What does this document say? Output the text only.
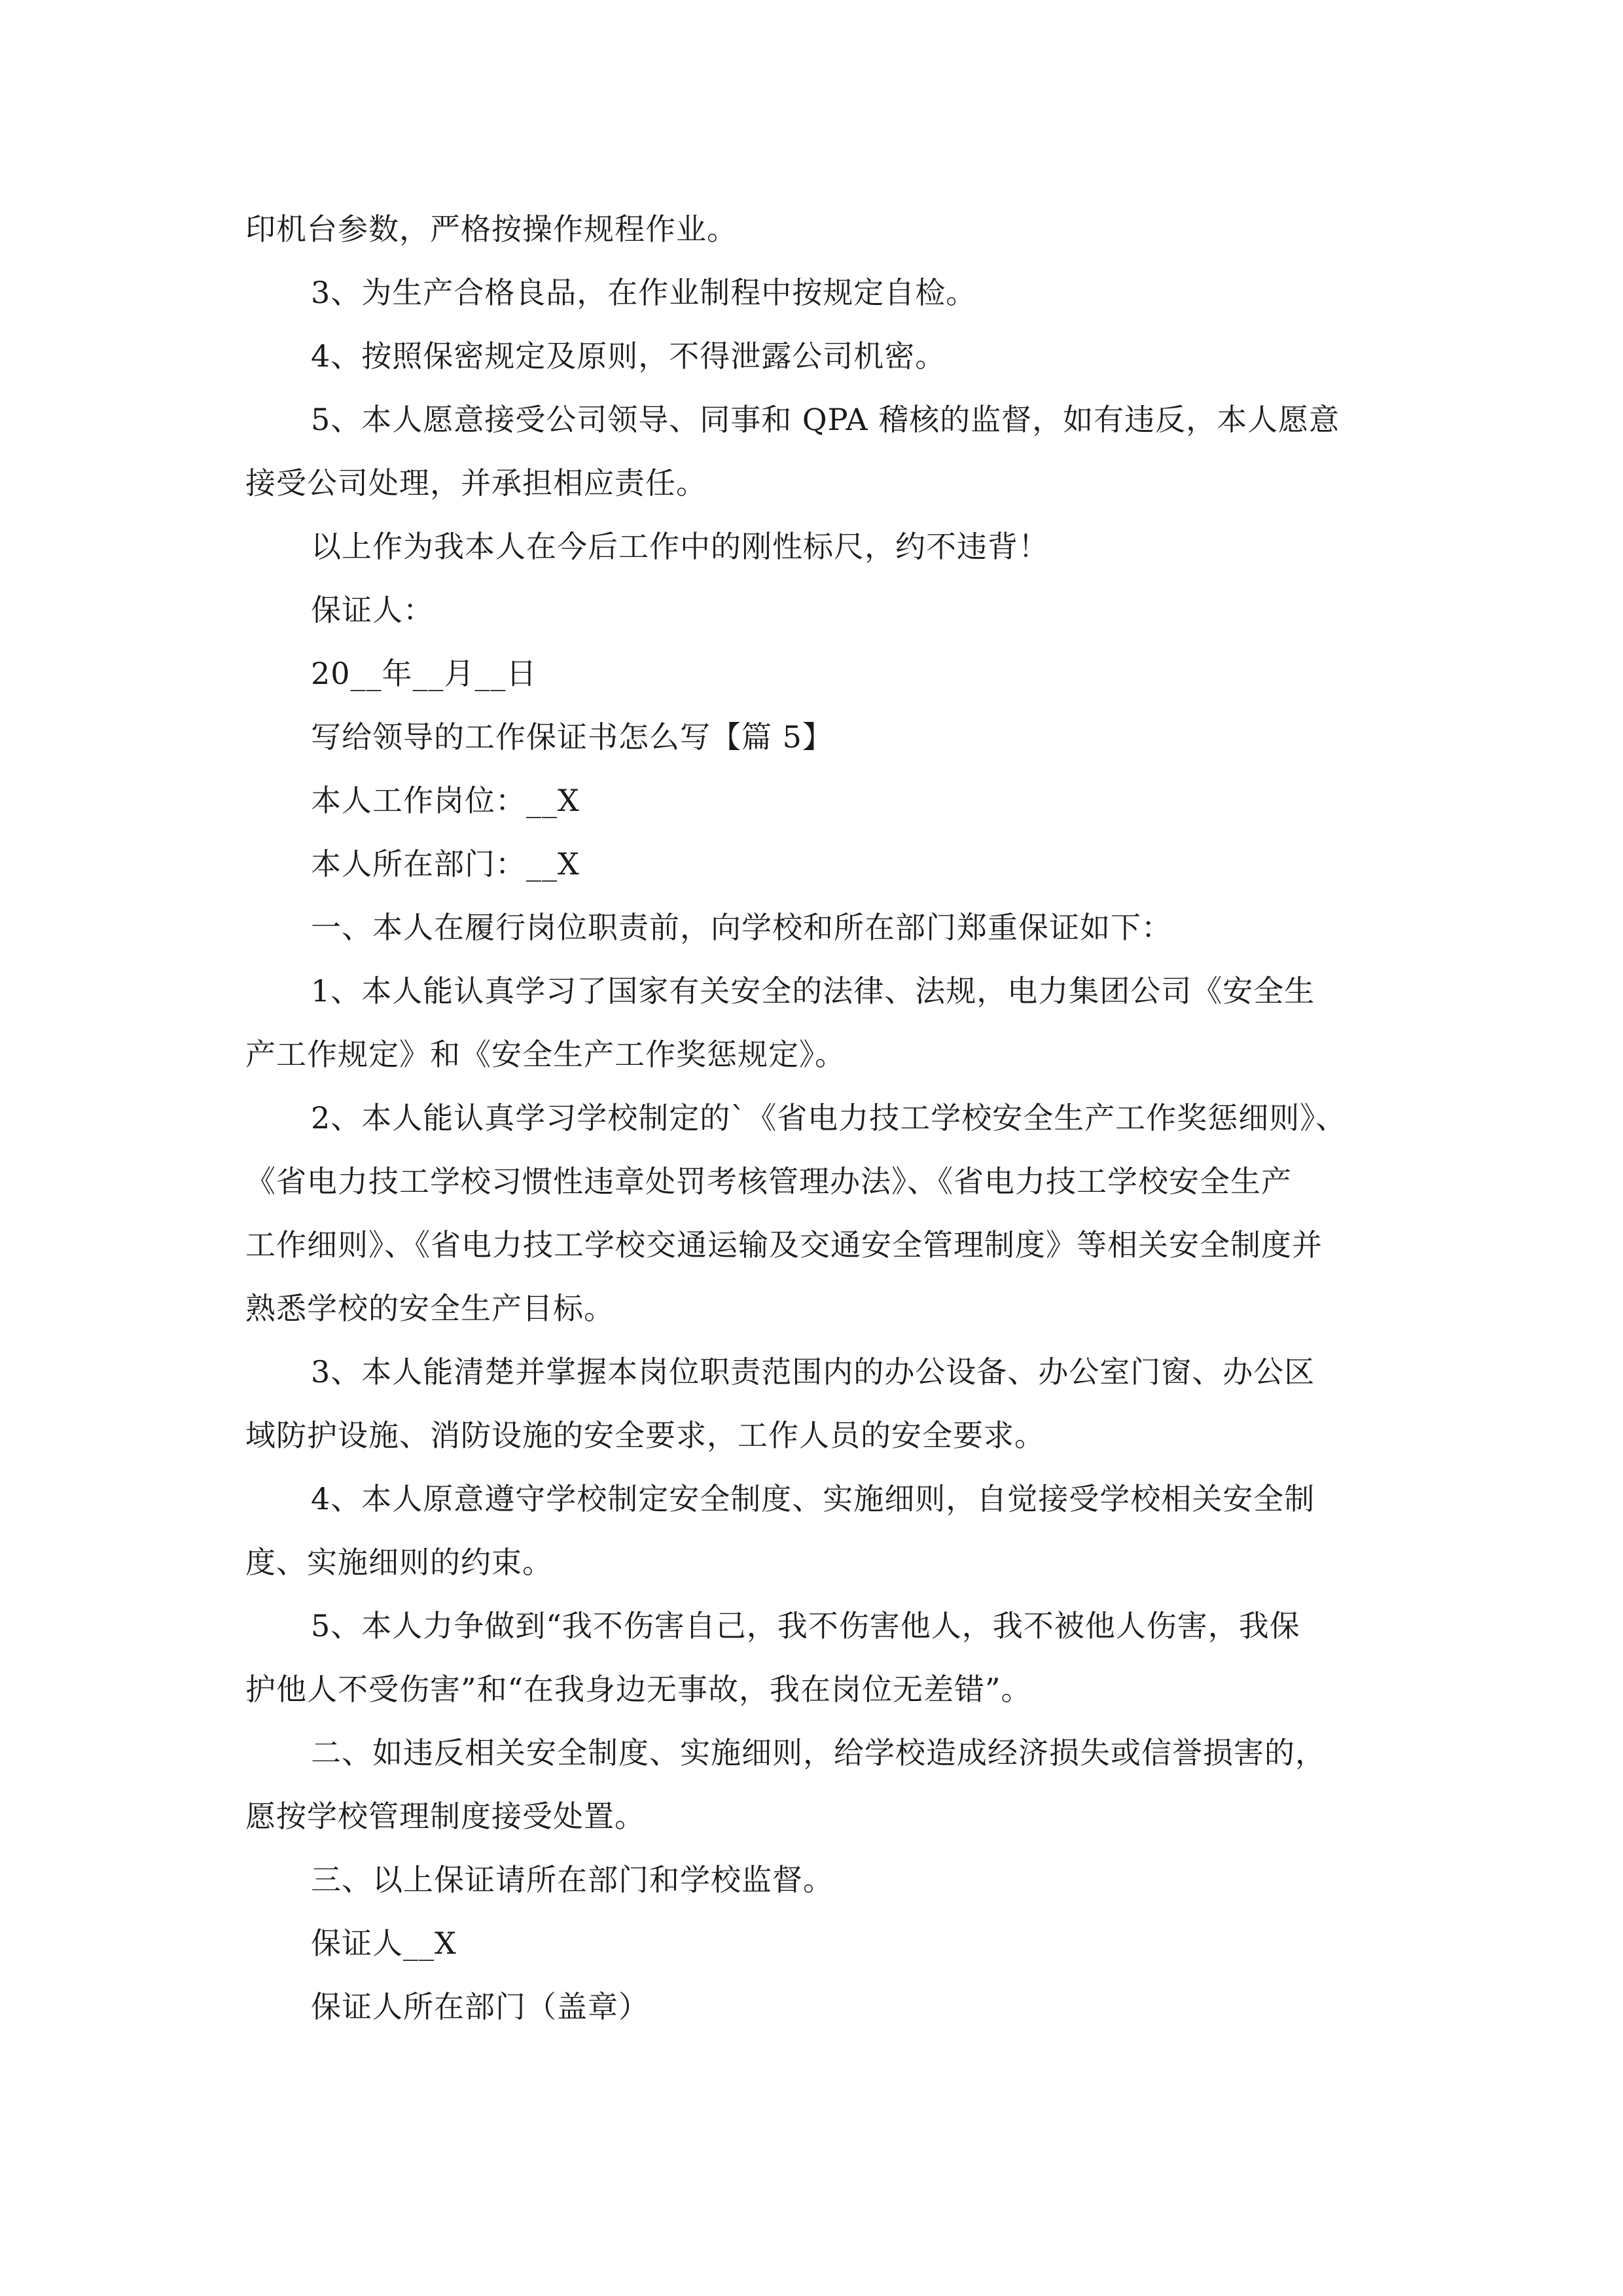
印机台参数，严格按操作规程作业。
3、为生产合格良品，在作业制程中按规定自检。
4、按照保密规定及原则，不得泄露公司机密。
5、本人愿意接受公司领导、同事和 QPA 稽核的监督，如有违反，本人愿意
接受公司处理，并承担相应责任。
以上作为我本人在今后工作中的刚性标尺，约不违背！
保证人：
20__年__月__日
写给领导的工作保证书怎么写【篇 5】
本人工作岗位：__X
本人所在部门：__X
一、本人在履行岗位职责前，向学校和所在部门郑重保证如下：
1、本人能认真学习了国家有关安全的法律、法规，电力集团公司《安全生
产工作规定》和《安全生产工作奖惩规定》。
2、本人能认真学习学校制定的`《省电力技工学校安全生产工作奖惩细则》、
《省电力技工学校习惯性违章处罚考核管理办法》、《省电力技工学校安全生产
工作细则》、《省电力技工学校交通运输及交通安全管理制度》等相关安全制度并
熟悉学校的安全生产目标。
3、本人能清楚并掌握本岗位职责范围内的办公设备、办公室门窗、办公区
域防护设施、消防设施的安全要求，工作人员的安全要求。
4、本人原意遵守学校制定安全制度、实施细则，自觉接受学校相关安全制
度、实施细则的约束。
5、本人力争做到“我不伤害自己，我不伤害他人，我不被他人伤害，我保
护他人不受伤害”和“在我身边无事故，我在岗位无差错”。
二、如违反相关安全制度、实施细则，给学校造成经济损失或信誉损害的，
愿按学校管理制度接受处置。
三、以上保证请所在部门和学校监督。
保证人__X
保证人所在部门（盖章）
